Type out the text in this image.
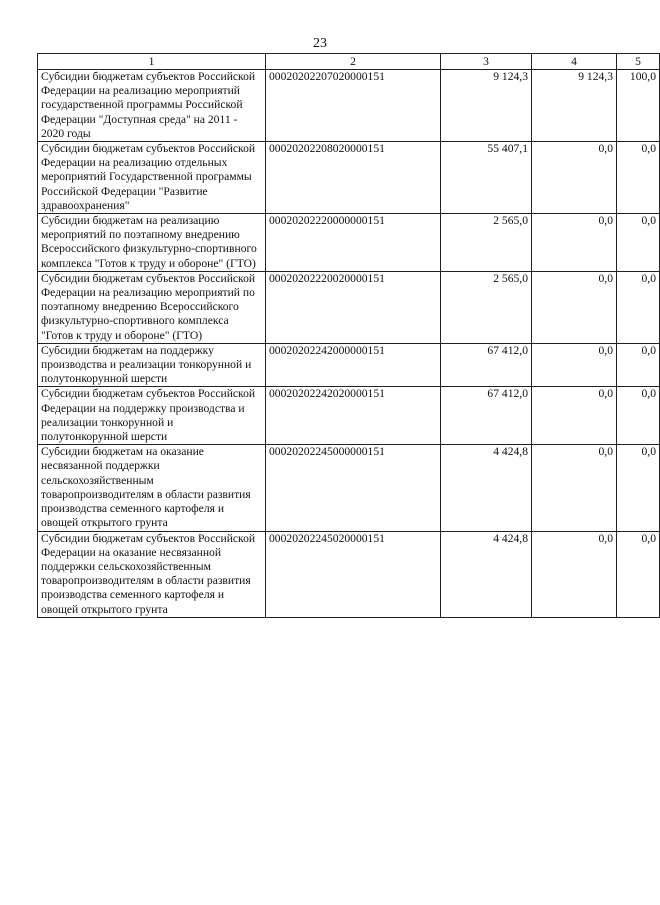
23
1	2	3	4	5
Субсидии бюджетам субъектов Российской Федерации на реализацию мероприятий государственной программы Российской Федерации "Доступная среда" на 2011 - 2020 годы	00020202207020000151	9 124,3	9 124,3	100,0
Субсидии бюджетам субъектов Российской Федерации на реализацию отдельных мероприятий Государственной программы Российской Федерации "Развитие здравоохранения"	00020202208020000151	55 407,1	0,0	0,0
Субсидии бюджетам на реализацию мероприятий по поэтапному внедрению Всероссийского физкультурно-спортивного комплекса "Готов к труду и обороне" (ГТО)	00020202220000000151	2 565,0	0,0	0,0
Субсидии бюджетам субъектов Российской Федерации на реализацию мероприятий по поэтапному внедрению Всероссийского физкультурно-спортивного комплекса "Готов к труду и обороне" (ГТО)	00020202220020000151	2 565,0	0,0	0,0
Субсидии бюджетам на поддержку производства и реализации тонкорунной и полутонкорунной шерсти	00020202242000000151	67 412,0	0,0	0,0
Субсидии бюджетам субъектов Российской Федерации на поддержку производства и реализации тонкорунной и полутонкорунной шерсти	00020202242020000151	67 412,0	0,0	0,0
Субсидии бюджетам на оказание несвязанной поддержки сельскохозяйственным товаропроизводителям в области развития производства семенного картофеля и овощей открытого грунта	00020202245000000151	4 424,8	0,0	0,0
Субсидии бюджетам субъектов Российской Федерации на оказание несвязанной поддержки сельскохозяйственным товаропроизводителям в области развития производства семенного картофеля и овощей открытого грунта	00020202245020000151	4 424,8	0,0	0,0
